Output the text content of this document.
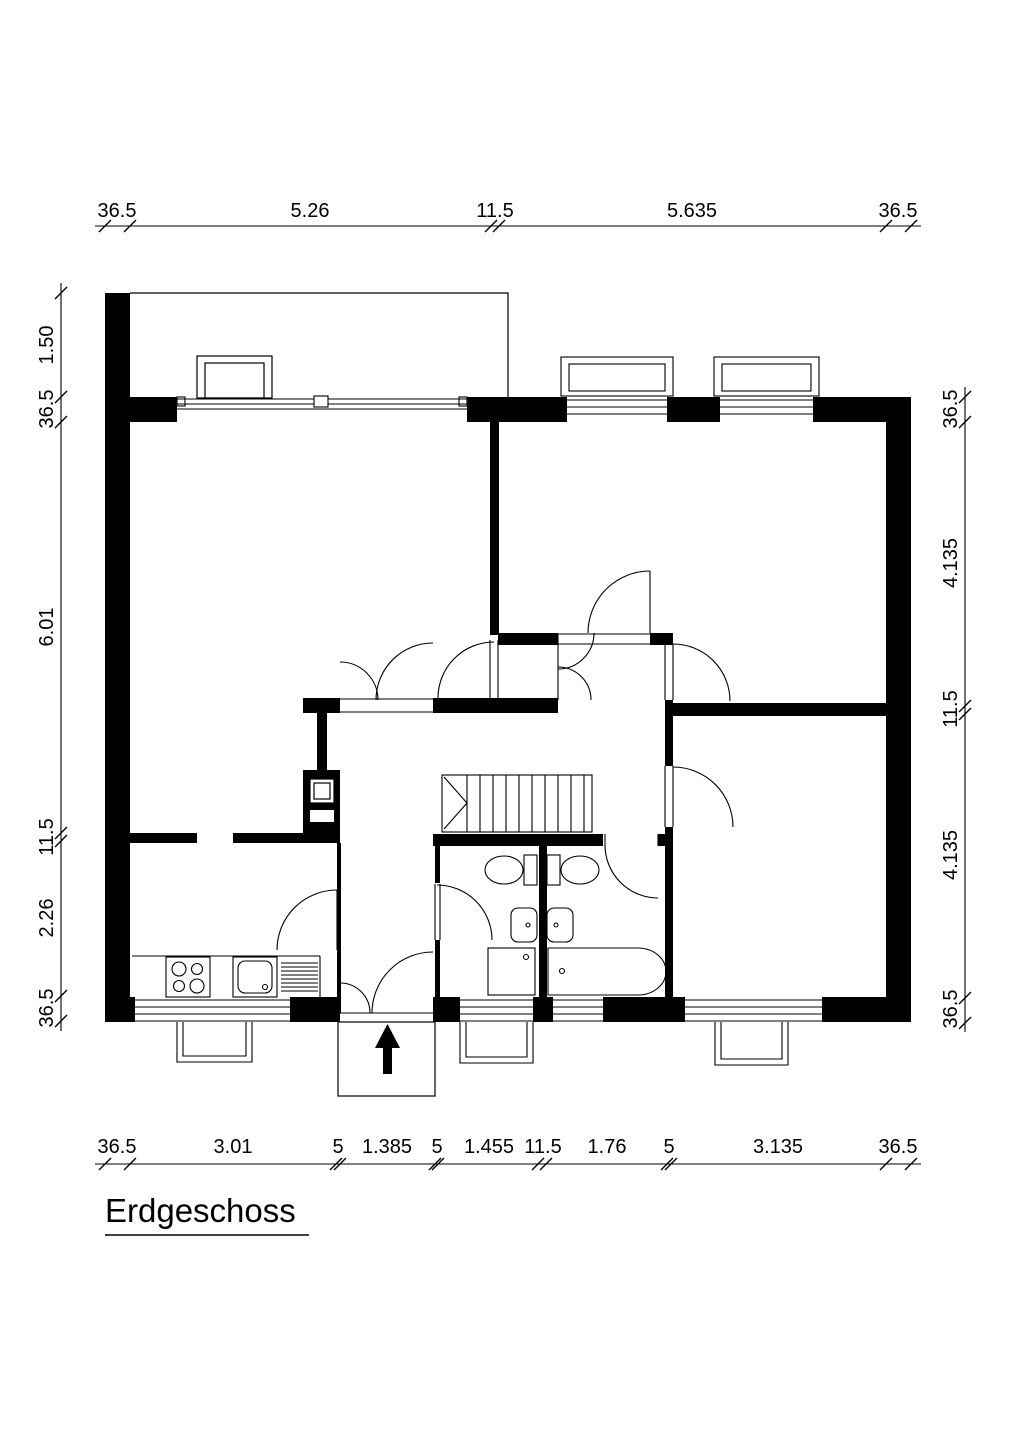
36.5	5.26	11.5	5.635	36.5
36.5	3.01	5 1.385 5 1.455 11.5 1.76 5	3.135	36.5
1.50
36.5
6.01
11.5
2.26
36.5
36.5
4.135
11.5
4.135
36.5
Erdgeschoss
